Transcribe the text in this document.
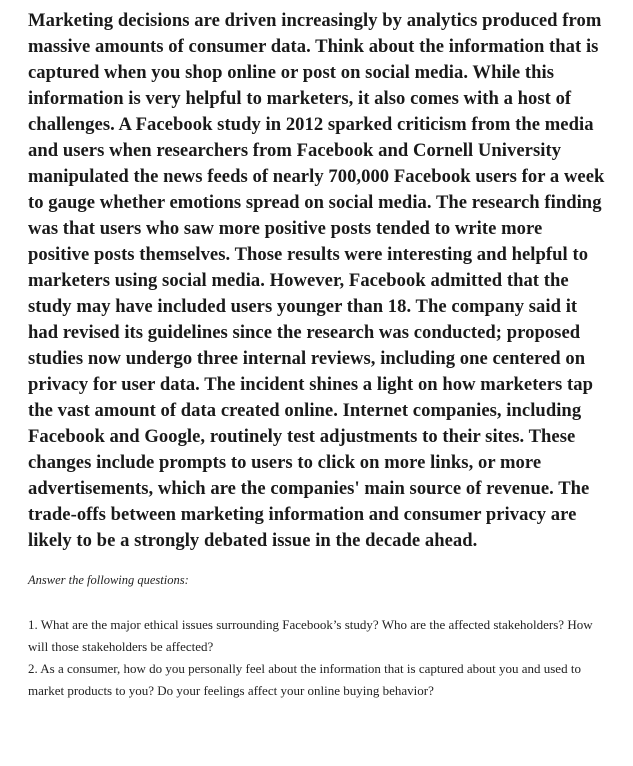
Marketing decisions are driven increasingly by analytics produced from massive amounts of consumer data. Think about the information that is captured when you shop online or post on social media. While this information is very helpful to marketers, it also comes with a host of challenges. A Facebook study in 2012 sparked criticism from the media and users when researchers from Facebook and Cornell University manipulated the news feeds of nearly 700,000 Facebook users for a week to gauge whether emotions spread on social media. The research finding was that users who saw more positive posts tended to write more positive posts themselves. Those results were interesting and helpful to marketers using social media. However, Facebook admitted that the study may have included users younger than 18. The company said it had revised its guidelines since the research was conducted; proposed studies now undergo three internal reviews, including one centered on privacy for user data. The incident shines a light on how marketers tap the vast amount of data created online. Internet companies, including Facebook and Google, routinely test adjustments to their sites. These changes include prompts to users to click on more links, or more advertisements, which are the companies' main source of revenue. The trade-offs between marketing information and consumer privacy are likely to be a strongly debated issue in the decade ahead.

Answer the following questions:

1. What are the major ethical issues surrounding Facebook’s study? Who are the affected stakeholders? How will those stakeholders be affected?
2. As a consumer, how do you personally feel about the information that is captured about you and used to market products to you? Do your feelings affect your online buying behavior?
